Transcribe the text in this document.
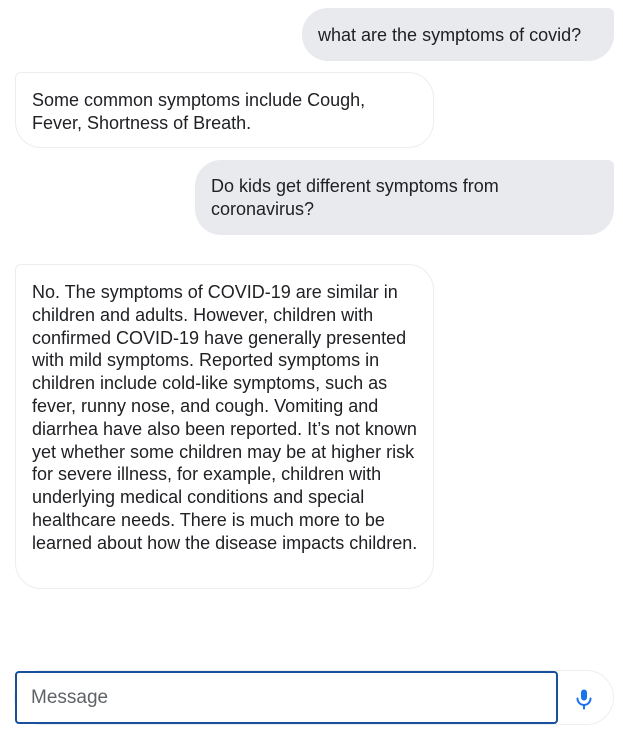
what are the symptoms of covid?
Some common symptoms include Cough, Fever, Shortness of Breath.
Do kids get different symptoms from coronavirus?
No. The symptoms of COVID-19 are similar in children and adults. However, children with confirmed COVID-19 have generally presented with mild symptoms. Reported symptoms in children include cold-like symptoms, such as fever, runny nose, and cough. Vomiting and diarrhea have also been reported. It’s not known yet whether some children may be at higher risk for severe illness, for example, children with underlying medical conditions and special healthcare needs. There is much more to be learned about how the disease impacts children.
Message
